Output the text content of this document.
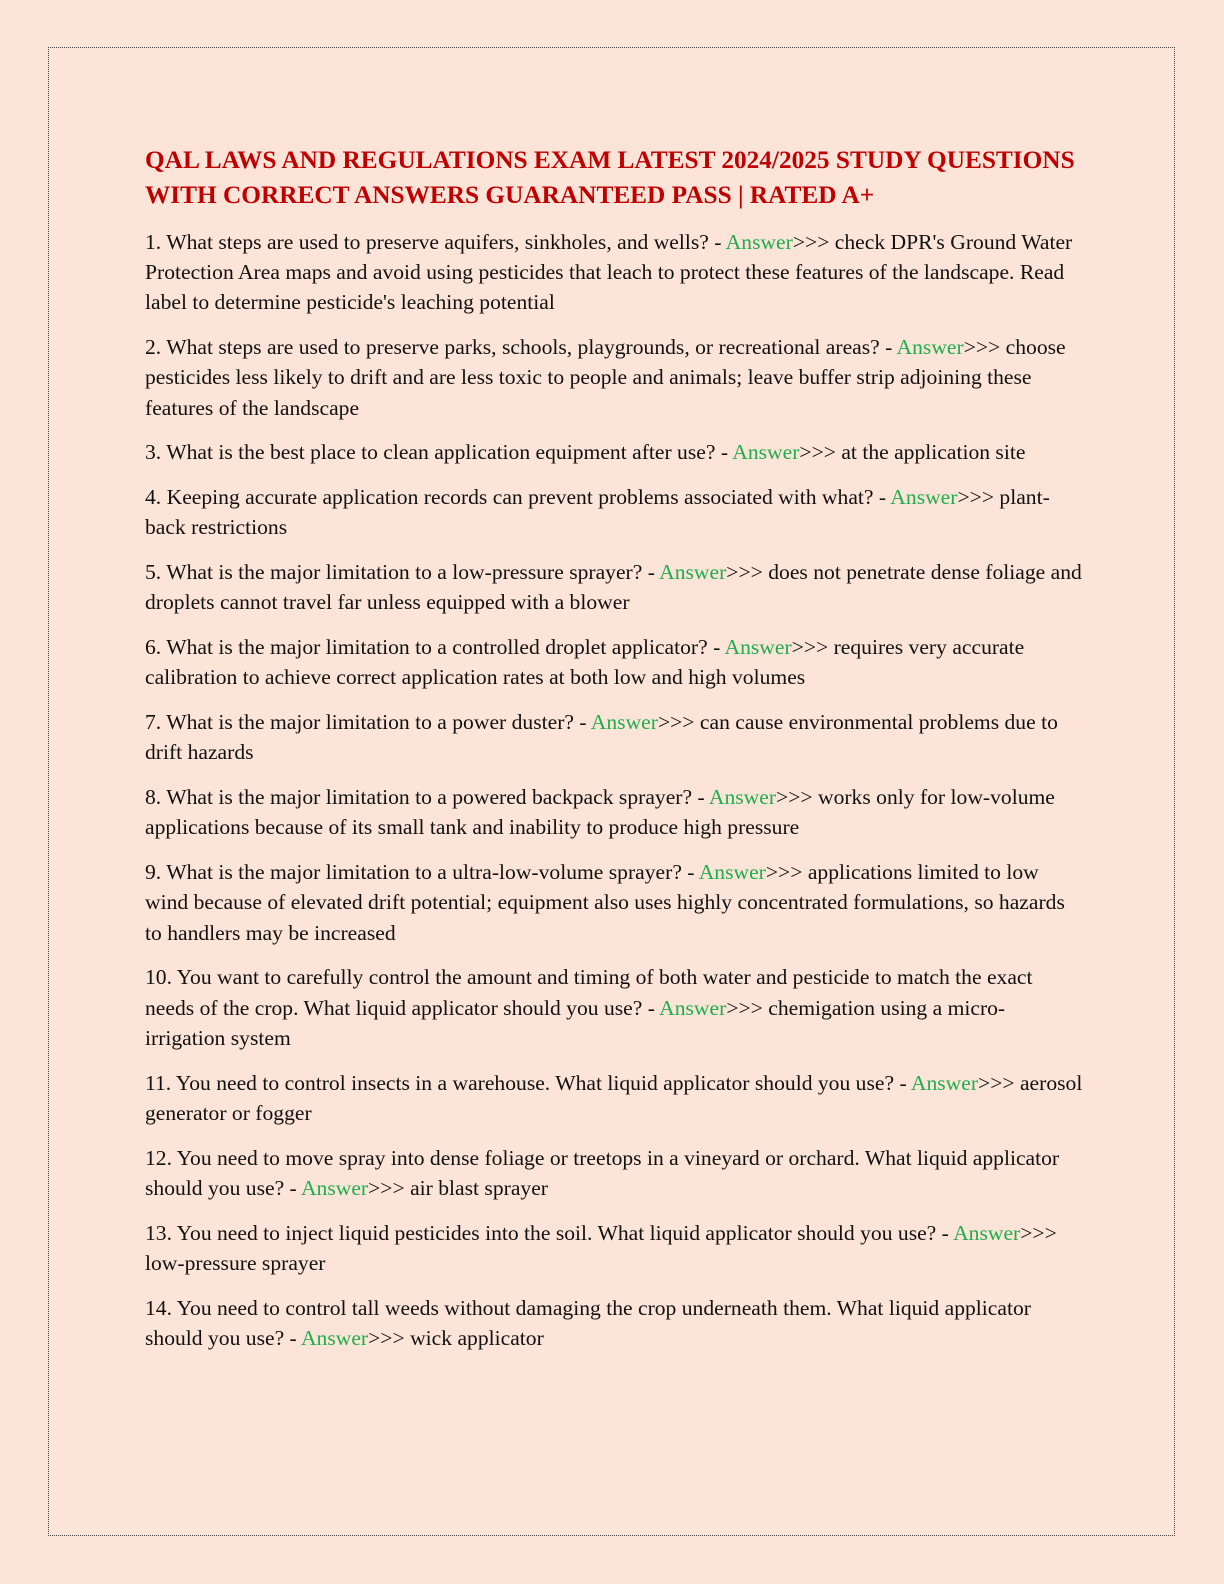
QAL LAWS AND REGULATIONS EXAM LATEST 2024/2025 STUDY QUESTIONS WITH CORRECT ANSWERS GUARANTEED PASS | RATED A+

1. What steps are used to preserve aquifers, sinkholes, and wells? - Answer>>> check DPR's Ground Water Protection Area maps and avoid using pesticides that leach to protect these features of the landscape. Read label to determine pesticide's leaching potential

2. What steps are used to preserve parks, schools, playgrounds, or recreational areas? - Answer>>> choose pesticides less likely to drift and are less toxic to people and animals; leave buffer strip adjoining these features of the landscape

3. What is the best place to clean application equipment after use? - Answer>>> at the application site

4. Keeping accurate application records can prevent problems associated with what? - Answer>>> plant-back restrictions

5. What is the major limitation to a low-pressure sprayer? - Answer>>> does not penetrate dense foliage and droplets cannot travel far unless equipped with a blower

6. What is the major limitation to a controlled droplet applicator? - Answer>>> requires very accurate calibration to achieve correct application rates at both low and high volumes

7. What is the major limitation to a power duster? - Answer>>> can cause environmental problems due to drift hazards

8. What is the major limitation to a powered backpack sprayer? - Answer>>> works only for low-volume applications because of its small tank and inability to produce high pressure

9. What is the major limitation to a ultra-low-volume sprayer? - Answer>>> applications limited to low wind because of elevated drift potential; equipment also uses highly concentrated formulations, so hazards to handlers may be increased

10. You want to carefully control the amount and timing of both water and pesticide to match the exact needs of the crop. What liquid applicator should you use? - Answer>>> chemigation using a micro-irrigation system

11. You need to control insects in a warehouse. What liquid applicator should you use? - Answer>>> aerosol generator or fogger

12. You need to move spray into dense foliage or treetops in a vineyard or orchard. What liquid applicator should you use? - Answer>>> air blast sprayer

13. You need to inject liquid pesticides into the soil. What liquid applicator should you use? - Answer>>> low-pressure sprayer

14. You need to control tall weeds without damaging the crop underneath them. What liquid applicator should you use? - Answer>>> wick applicator
